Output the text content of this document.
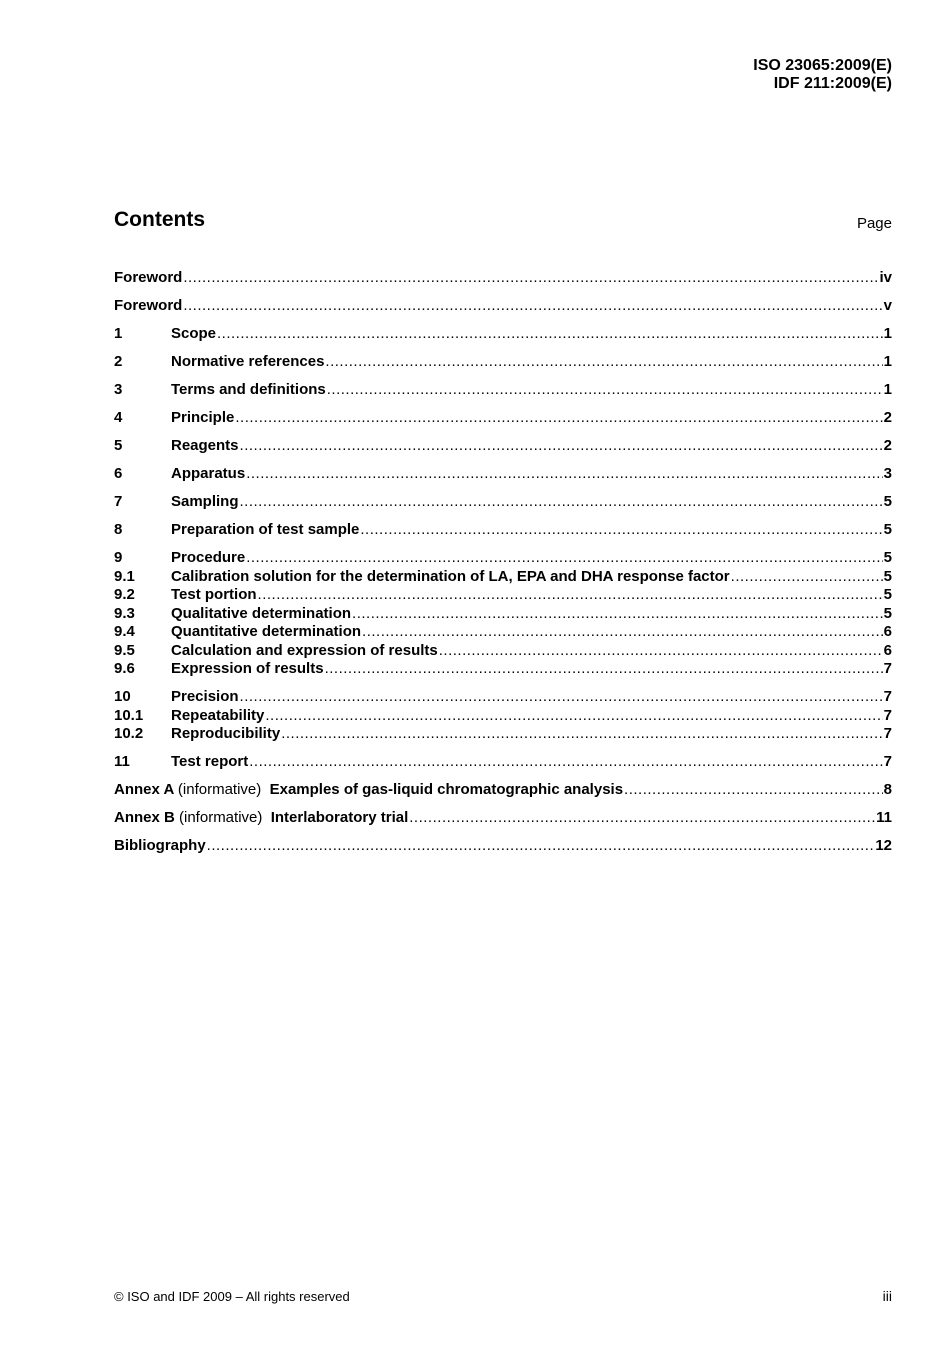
ISO 23065:2009(E)
IDF 211:2009(E)
Contents	Page
Foreword .....	iv
Foreword .....	v
1	Scope .....	1
2	Normative references .....	1
3	Terms and definitions .....	1
4	Principle .....	2
5	Reagents .....	2
6	Apparatus .....	3
7	Sampling .....	5
8	Preparation of test sample .....	5
9	Procedure .....	5
9.1	Calibration solution for the determination of LA, EPA and DHA response factor .....	5
9.2	Test portion .....	5
9.3	Qualitative determination .....	5
9.4	Quantitative determination .....	6
9.5	Calculation and expression of results .....	6
9.6	Expression of results .....	7
10	Precision .....	7
10.1	Repeatability .....	7
10.2	Reproducibility .....	7
11	Test report .....	7
Annex A (informative) Examples of gas-liquid chromatographic analysis .....	8
Annex B (informative) Interlaboratory trial .....	11
Bibliography .....	12
© ISO and IDF 2009 – All rights reserved	iii
